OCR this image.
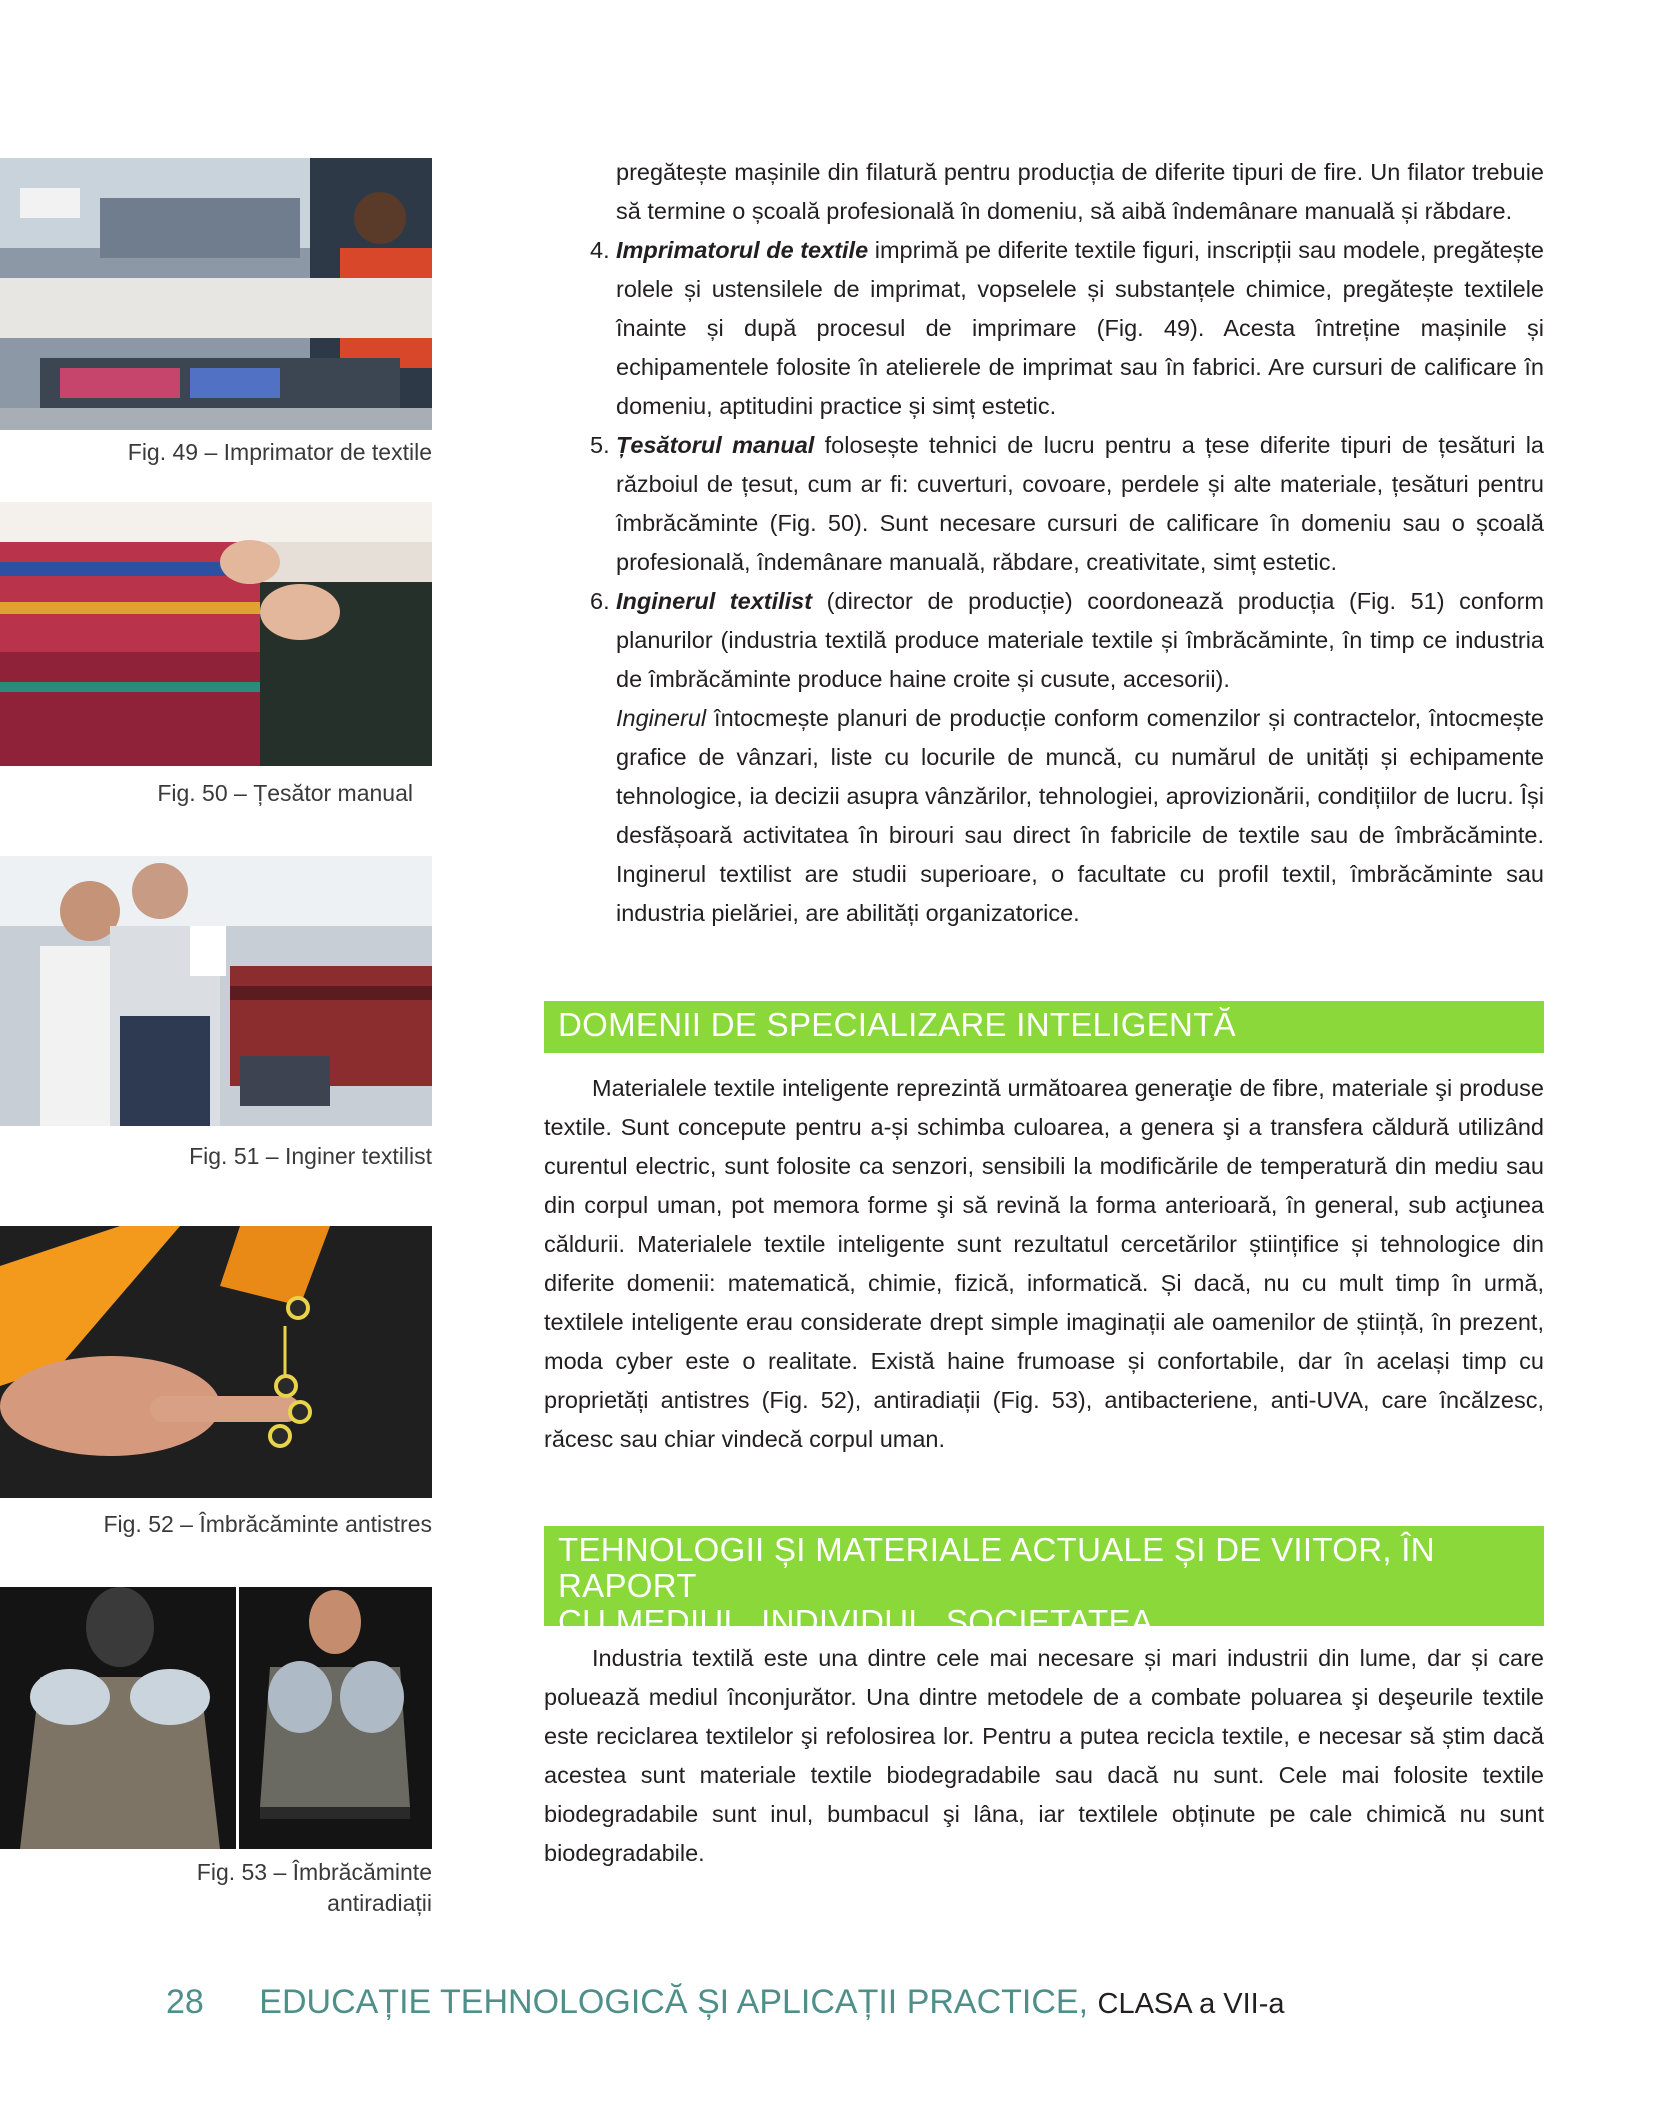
Fig. 49 – Imprimator de textile
Fig. 50 – Țesător manual
Fig. 51 – Inginer textilist
Fig. 52 – Îmbrăcăminte antistres
Fig. 53 – Îmbrăcăminte
antiradiații

pregătește mașinile din filatură pentru producția de diferite tipuri de fire. Un filator trebuie să termine o școală profesională în domeniu, să aibă îndemânare manuală și răbdare.

4. Imprimatorul de textile imprimă pe diferite textile figuri, inscripții sau modele, pregătește rolele și ustensilele de imprimat, vopselele și substanțele chimice, pregătește textilele înainte și după procesul de imprimare (Fig. 49). Acesta întreține mașinile și echipamentele folosite în atelierele de imprimat sau în fabrici. Are cursuri de calificare în domeniu, aptitudini practice și simț estetic.

5. Țesătorul manual folosește tehnici de lucru pentru a țese diferite tipuri de țesături la războiul de țesut, cum ar fi: cuverturi, covoare, perdele și alte materiale, țesături pentru îmbrăcăminte (Fig. 50). Sunt necesare cursuri de calificare în domeniu sau o școală profesională, îndemânare manuală, răbdare, creativitate, simț estetic.

6. Inginerul textilist (director de producție) coordonează producția (Fig. 51) conform planurilor (industria textilă produce materiale textile și îmbrăcăminte, în timp ce industria de îmbrăcăminte produce haine croite și cusute, accesorii).

Inginerul întocmește planuri de producție conform comenzilor și contractelor, întocmește grafice de vânzari, liste cu locurile de muncă, cu numărul de unități și echipamente tehnologice, ia decizii asupra vânzărilor, tehnologiei, aprovizionării, condițiilor de lucru. Își desfășoară activitatea în birouri sau direct în fabricile de textile sau de îmbrăcăminte. Inginerul textilist are studii superioare, o facultate cu profil textil, îmbrăcăminte sau industria pielăriei, are abilități organizatorice.

DOMENII DE SPECIALIZARE INTELIGENTĂ

Materialele textile inteligente reprezintă următoarea generaţie de fibre, materiale şi produse textile. Sunt concepute pentru a-și schimba culoarea, a genera şi a transfera căldură utilizând curentul electric, sunt folosite ca senzori, sensibili la modificările de temperatură din mediu sau din corpul uman, pot memora forme şi să revină la forma anterioară, în general, sub acţiunea căldurii. Materialele textile inteligente sunt rezultatul cercetărilor științifice și tehnologice din diferite domenii: matematică, chimie, fizică, informatică. Și dacă, nu cu mult timp în urmă, textilele inteligente erau considerate drept simple imaginații ale oamenilor de știință, în prezent, moda cyber este o realitate. Există haine frumoase și confortabile, dar în același timp cu proprietăți antistres (Fig. 52), antiradiații (Fig. 53), antibacteriene, anti-UVA, care încălzesc, răcesc sau chiar vindecă corpul uman.

TEHNOLOGII ȘI MATERIALE ACTUALE ȘI DE VIITOR, ÎN RAPORT
CU MEDIUL, INDIVIDUL, SOCIETATEA

Industria textilă este una dintre cele mai necesare și mari industrii din lume, dar și care poluează mediul înconjurător. Una dintre metodele de a combate poluarea şi deşeurile textile este reciclarea textilelor şi refolosirea lor. Pentru a putea recicla textile, e necesar să știm dacă acestea sunt materiale textile biodegradabile sau dacă nu sunt. Cele mai folosite textile biodegradabile sunt inul, bumbacul şi lâna, iar textilele obținute pe cale chimică nu sunt biodegradabile.

28 EDUCAȚIE TEHNOLOGICĂ ȘI APLICAȚII PRACTICE, CLASA a VII-a
